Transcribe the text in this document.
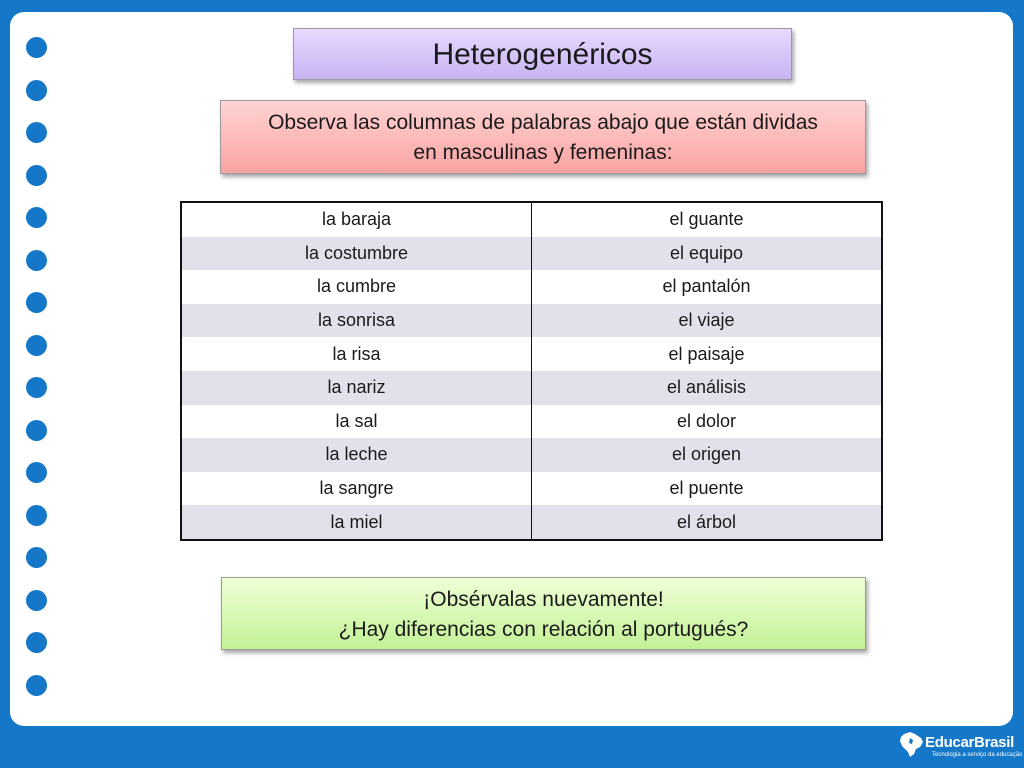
Heterogenéricos
Observa las columnas de palabras abajo que están dividas
en masculinas y femeninas:
la baraja	el guante
la costumbre	el equipo
la cumbre	el pantalón
la sonrisa	el viaje
la risa	el paisaje
la nariz	el análisis
la sal	el dolor
la leche	el origen
la sangre	el puente
la miel	el árbol
¡Obsérvalas nuevamente!
¿Hay diferencias con relación al portugués?
EducarBrasil
Tecnologia a serviço da educação
